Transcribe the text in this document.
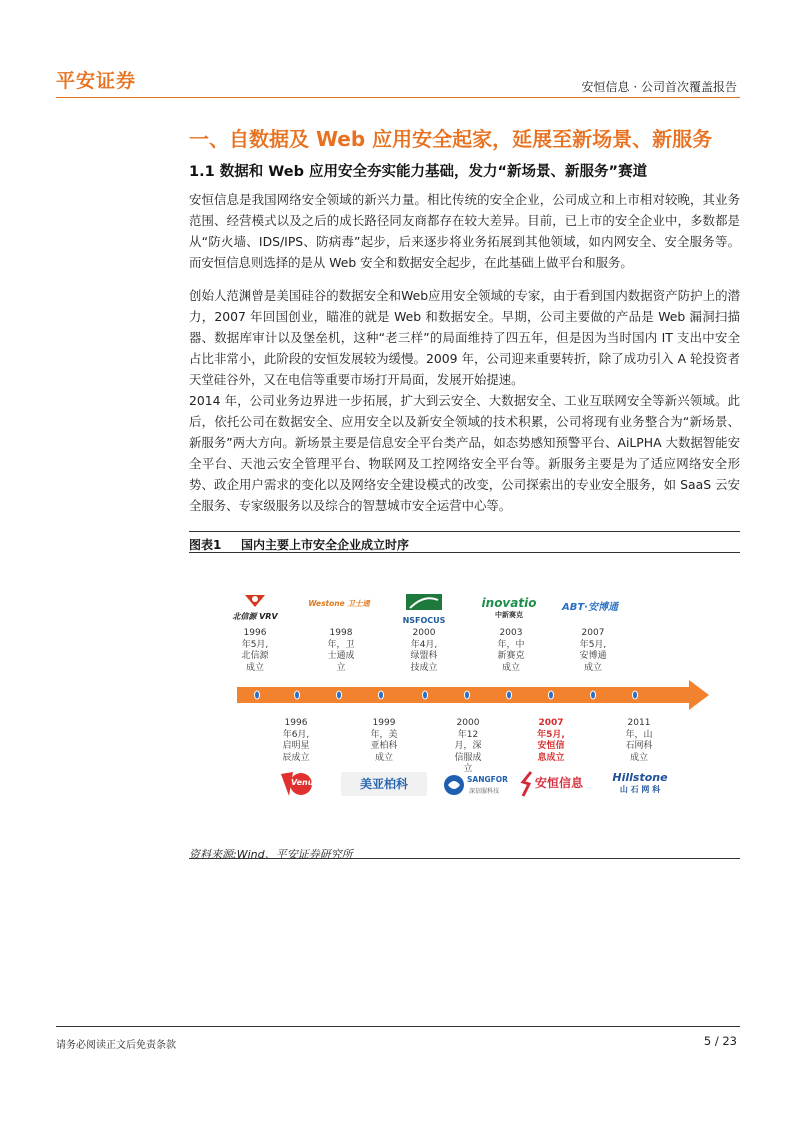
平安证券	安恒信息 · 公司首次覆盖报告
一、自数据及 Web 应用安全起家，延展至新场景、新服务
1.1 数据和 Web 应用安全夯实能力基础，发力“新场景、新服务”赛道
安恒信息是我国网络安全领域的新兴力量。相比传统的安全企业，公司成立和上市相对较晚，其业务范围、经营模式以及之后的成长路径同友商都存在较大差异。目前，已上市的安全企业中，多数都是从“防火墙、IDS/IPS、防病毒”起步，后来逐步将业务拓展到其他领域，如内网安全、安全服务等。而安恒信息则选择的是从 Web 安全和数据安全起步，在此基础上做平台和服务。
创始人范渊曾是美国硅谷的数据安全和Web应用安全领域的专家，由于看到国内数据资产防护上的潜力，2007 年回国创业，瞄准的就是 Web 和数据安全。早期，公司主要做的产品是 Web 漏洞扫描器、数据库审计以及堡垒机，这种“老三样”的局面维持了四五年，但是因为当时国内 IT 支出中安全占比非常小，此阶段的安恒发展较为缓慢。2009 年，公司迎来重要转折，除了成功引入 A 轮投资者天堂硅谷外，又在电信等重要市场打开局面，发展开始提速。
2014 年，公司业务边界进一步拓展，扩大到云安全、大数据安全、工业互联网安全等新兴领域。此后，依托公司在数据安全、应用安全以及新安全领域的技术积累，公司将现有业务整合为“新场景、新服务”两大方向。新场景主要是信息安全平台类产品，如态势感知预警平台、AiLPHA 大数据智能安全平台、天池云安全管理平台、物联网及工控网络安全平台等。新服务主要是为了适应网络安全形势、政企用户需求的变化以及网络安全建设模式的改变，公司探索出的专业安全服务，如 SaaS 云安全服务、专家级服务以及综合的智慧城市安全运营中心等。
图表1 国内主要上市安全企业成立时序
北信源 VRV
Westone 卫士通
NSFOCUS
inovatio
中新赛克
ABT·安博通
1996
年5月,
北信源
成立
1998
年，卫
士通成
立
2000
年4月,
绿盟科
技成立
2003
年，中
新赛克
成立
2007
年5月,
安博通
成立
1996
年6月,
启明星
辰成立
1999
年，美
亚柏科
成立
2000
年12
月，深
信服成
立
2007
年5月,
安恒信
息成立
2011
年，山
石网科
成立
Venus	美亚柏科	SANGFOR
深信服科技
安恒信息	Hillstone
山 石 网 科
资料来源:Wind、平安证券研究所
请务必阅读正文后免责条款	5 / 23
